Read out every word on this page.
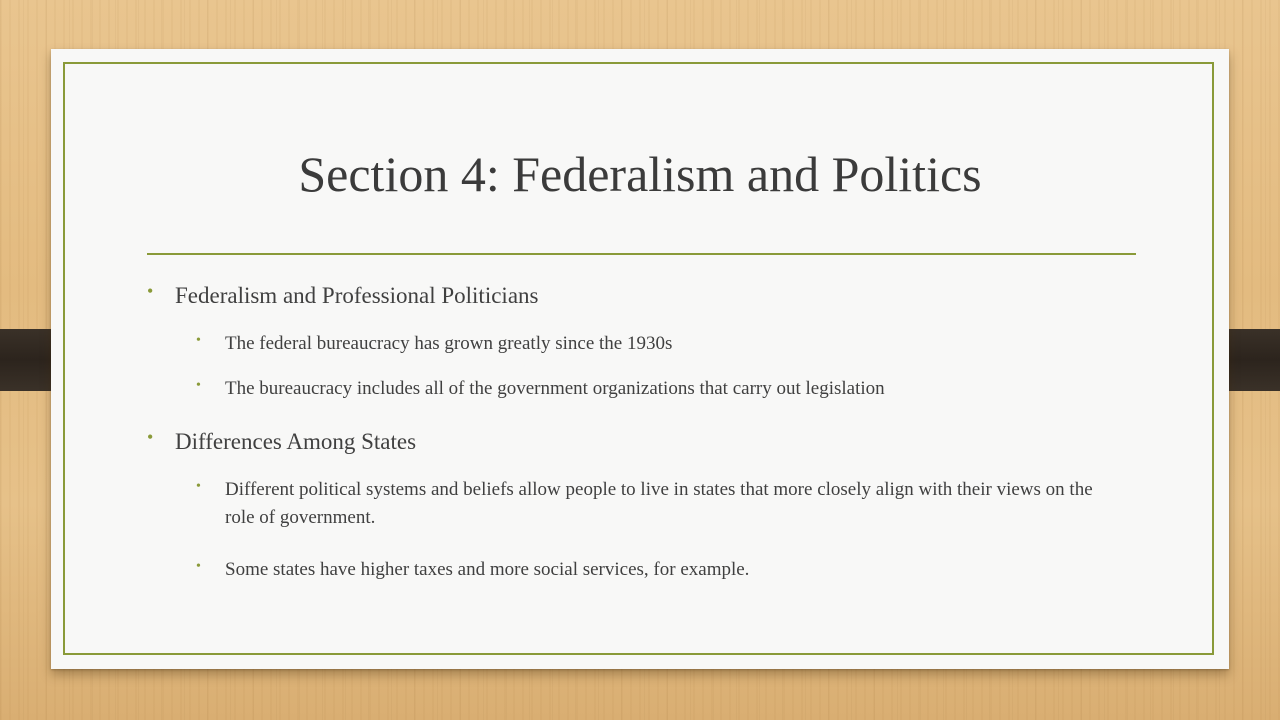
Section 4: Federalism and Politics
• Federalism and Professional Politicians
• The federal bureaucracy has grown greatly since the 1930s
• The bureaucracy includes all of the government organizations that carry out legislation
• Differences Among States
• Different political systems and beliefs allow people to live in states that more closely align with their views on the role of government.
• Some states have higher taxes and more social services, for example.
